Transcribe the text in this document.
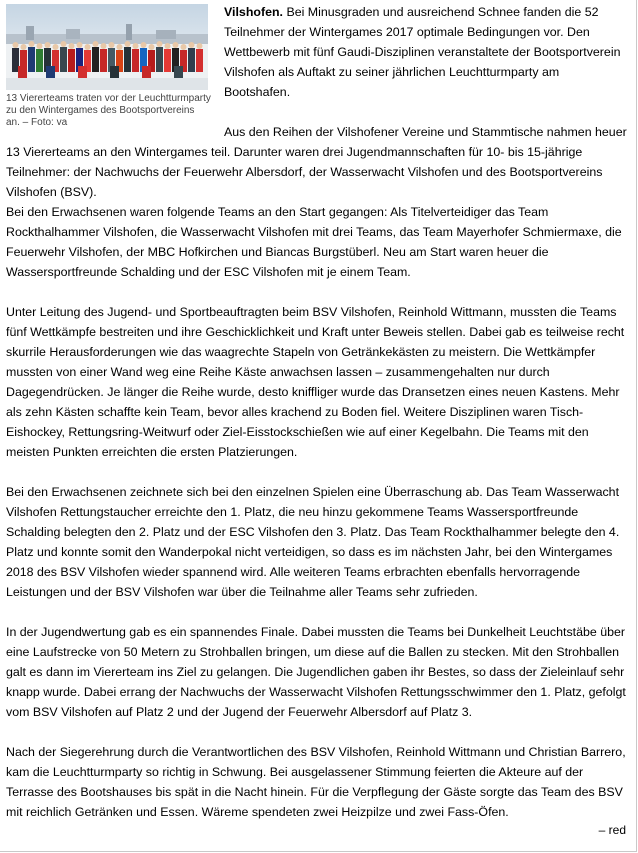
13 Viererteams traten vor der Leuchtturmparty zu den Wintergames des Bootsportvereins an. – Foto: va

Vilshofen. Bei Minusgraden und ausreichend Schnee fanden die 52 Teilnehmer der Wintergames 2017 optimale Bedingungen vor. Den Wettbewerb mit fünf Gaudi-Disziplinen veranstaltete der Bootsportverein Vilshofen als Auftakt zu seiner jährlichen Leuchtturmparty am Bootshafen.

Aus den Reihen der Vilshofener Vereine und Stammtische nahmen heuer 13 Viererteams an den Wintergames teil. Darunter waren drei Jugendmannschaften für 10- bis 15-jährige Teilnehmer: der Nachwuchs der Feuerwehr Albersdorf, der Wasserwacht Vilshofen und des Bootsportvereins Vilshofen (BSV).

Bei den Erwachsenen waren folgende Teams an den Start gegangen: Als Titelverteidiger das Team Rockthalhammer Vilshofen, die Wasserwacht Vilshofen mit drei Teams, das Team Mayerhofer Schmiermaxe, die Feuerwehr Vilshofen, der MBC Hofkirchen und Biancas Burgstüberl. Neu am Start waren heuer die Wassersportfreunde Schalding und der ESC Vilshofen mit je einem Team.

Unter Leitung des Jugend- und Sportbeauftragten beim BSV Vilshofen, Reinhold Wittmann, mussten die Teams fünf Wettkämpfe bestreiten und ihre Geschicklichkeit und Kraft unter Beweis stellen. Dabei gab es teilweise recht skurrile Herausforderungen wie das waagrechte Stapeln von Getränkekästen zu meistern. Die Wettkämpfer mussten von einer Wand weg eine Reihe Käste anwachsen lassen – zusammengehalten nur durch Dagegendrücken. Je länger die Reihe wurde, desto kniffliger wurde das Dransetzen eines neuen Kastens. Mehr als zehn Kästen schaffte kein Team, bevor alles krachend zu Boden fiel. Weitere Disziplinen waren Tisch-Eishockey, Rettungsring-Weitwurf oder Ziel-Eisstockschießen wie auf einer Kegelbahn. Die Teams mit den meisten Punkten erreichten die ersten Platzierungen.

Bei den Erwachsenen zeichnete sich bei den einzelnen Spielen eine Überraschung ab. Das Team Wasserwacht Vilshofen Rettungstaucher erreichte den 1. Platz, die neu hinzu gekommene Teams Wassersportfreunde Schalding belegten den 2. Platz und der ESC Vilshofen den 3. Platz. Das Team Rockthalhammer belegte den 4. Platz und konnte somit den Wanderpokal nicht verteidigen, so dass es im nächsten Jahr, bei den Wintergames 2018 des BSV Vilshofen wieder spannend wird. Alle weiteren Teams erbrachten ebenfalls hervorragende Leistungen und der BSV Vilshofen war über die Teilnahme aller Teams sehr zufrieden.

In der Jugendwertung gab es ein spannendes Finale. Dabei mussten die Teams bei Dunkelheit Leuchtstäbe über eine Laufstrecke von 50 Metern zu Strohballen bringen, um diese auf die Ballen zu stecken. Mit den Strohballen galt es dann im Viererteam ins Ziel zu gelangen. Die Jugendlichen gaben ihr Bestes, so dass der Zieleinlauf sehr knapp wurde. Dabei errang der Nachwuchs der Wasserwacht Vilshofen Rettungsschwimmer den 1. Platz, gefolgt vom BSV Vilshofen auf Platz 2 und der Jugend der Feuerwehr Albersdorf auf Platz 3.

Nach der Siegerehrung durch die Verantwortlichen des BSV Vilshofen, Reinhold Wittmann und Christian Barrero, kam die Leuchtturmparty so richtig in Schwung. Bei ausgelassener Stimmung feierten die Akteure auf der Terrasse des Bootshauses bis spät in die Nacht hinein. Für die Verpflegung der Gäste sorgte das Team des BSV mit reichlich Getränken und Essen. Wäreme spendeten zwei Heizpilze und zwei Fass-Öfen.

– red
